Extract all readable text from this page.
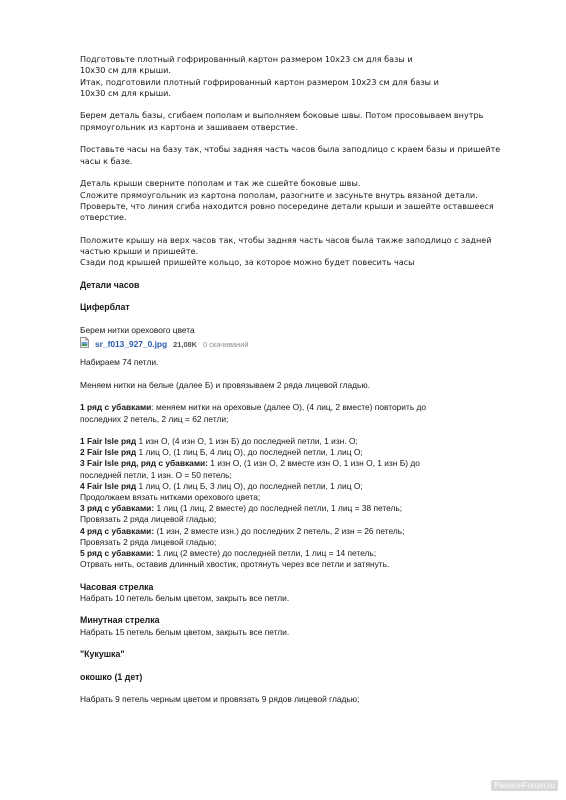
Подготовьте плотный гофрированный картон размером 10х23 см для базы и

10х30 см для крыши.

Итак, подготовили плотный гофрированный картон размером 10х23 см для базы и

10х30 см для крыши.

Берем деталь базы, сгибаем пополам и выполняем боковые швы. Потом просовываем внутрь

прямоугольник из картона и зашиваем отверстие.

Поставьте часы на базу так, чтобы задняя часть часов была заподлицо с краем базы и пришейте

часы к базе.

Деталь крыши сверните пополам и так же сшейте боковые швы.

Сложите прямоугольник из картона пополам, разогните и засуньте внутрь вязаной детали.

Проверьте, что линия сгиба находится ровно посередине детали крыши и зашейте оставшееся

отверстие.

Положите крышу на верх часов так, чтобы задняя часть часов была также заподлицо с задней

частью крыши и пришейте.

Сзади под крышей пришейте кольцо, за которое можно будет повесить часы

Детали часов

Циферблат

Берем нитки орехового цвета

sr_f013_927_0.jpg 21,08K 0 скачиваний

Набираем 74 петли.

Меняем нитки на белые (далее Б) и провязываем 2 ряда лицевой гладью.

1 ряд с убавками: меняем нитки на ореховые (далее О), (4 лиц, 2 вместе) повторить до

последних 2 петель, 2 лиц = 62 петли;

1 Fair Isle ряд 1 изн О, (4 изн О, 1 изн Б) до последней петли, 1 изн. О;

2 Fair Isle ряд 1 лиц О, (1 лиц Б, 4 лиц О), до последней петли, 1 лиц О;

3 Fair Isle ряд, ряд с убавками: 1 изн О, (1 изн О, 2 вместе изн О, 1 изн О, 1 изн Б) до

последней петли, 1 изн. О = 50 петель;

4 Fair Isle ряд 1 лиц О, (1 лиц Б, 3 лиц О), до последней петли, 1 лиц О;

Продолжаем вязать нитками орехового цвета;

3 ряд с убавками: 1 лиц (1 лиц, 2 вместе) до последней петли, 1 лиц = 38 петель;

Провязать 2 ряда лицевой гладью;

4 ряд с убавками: (1 изн, 2 вместе изн.) до последних 2 петель, 2 изн = 26 петель;

Провязать 2 ряда лицевой гладью;

5 ряд с убавками: 1 лиц (2 вместе) до последней петли, 1 лиц = 14 петель;

Отрвать нить, оставив длинный хвостик, протянуть через все петли и затянуть.

Часовая стрелка

Набрать 10 петель белым цветом, закрыть все петли.

Минутная стрелка

Набрать 15 петель белым цветом, закрыть все петли.

"Кукушка"

окошко (1 дет)

Набрать 9 петель черным цветом и провязать 9 рядов лицевой гладью;

PassionForum.ru
